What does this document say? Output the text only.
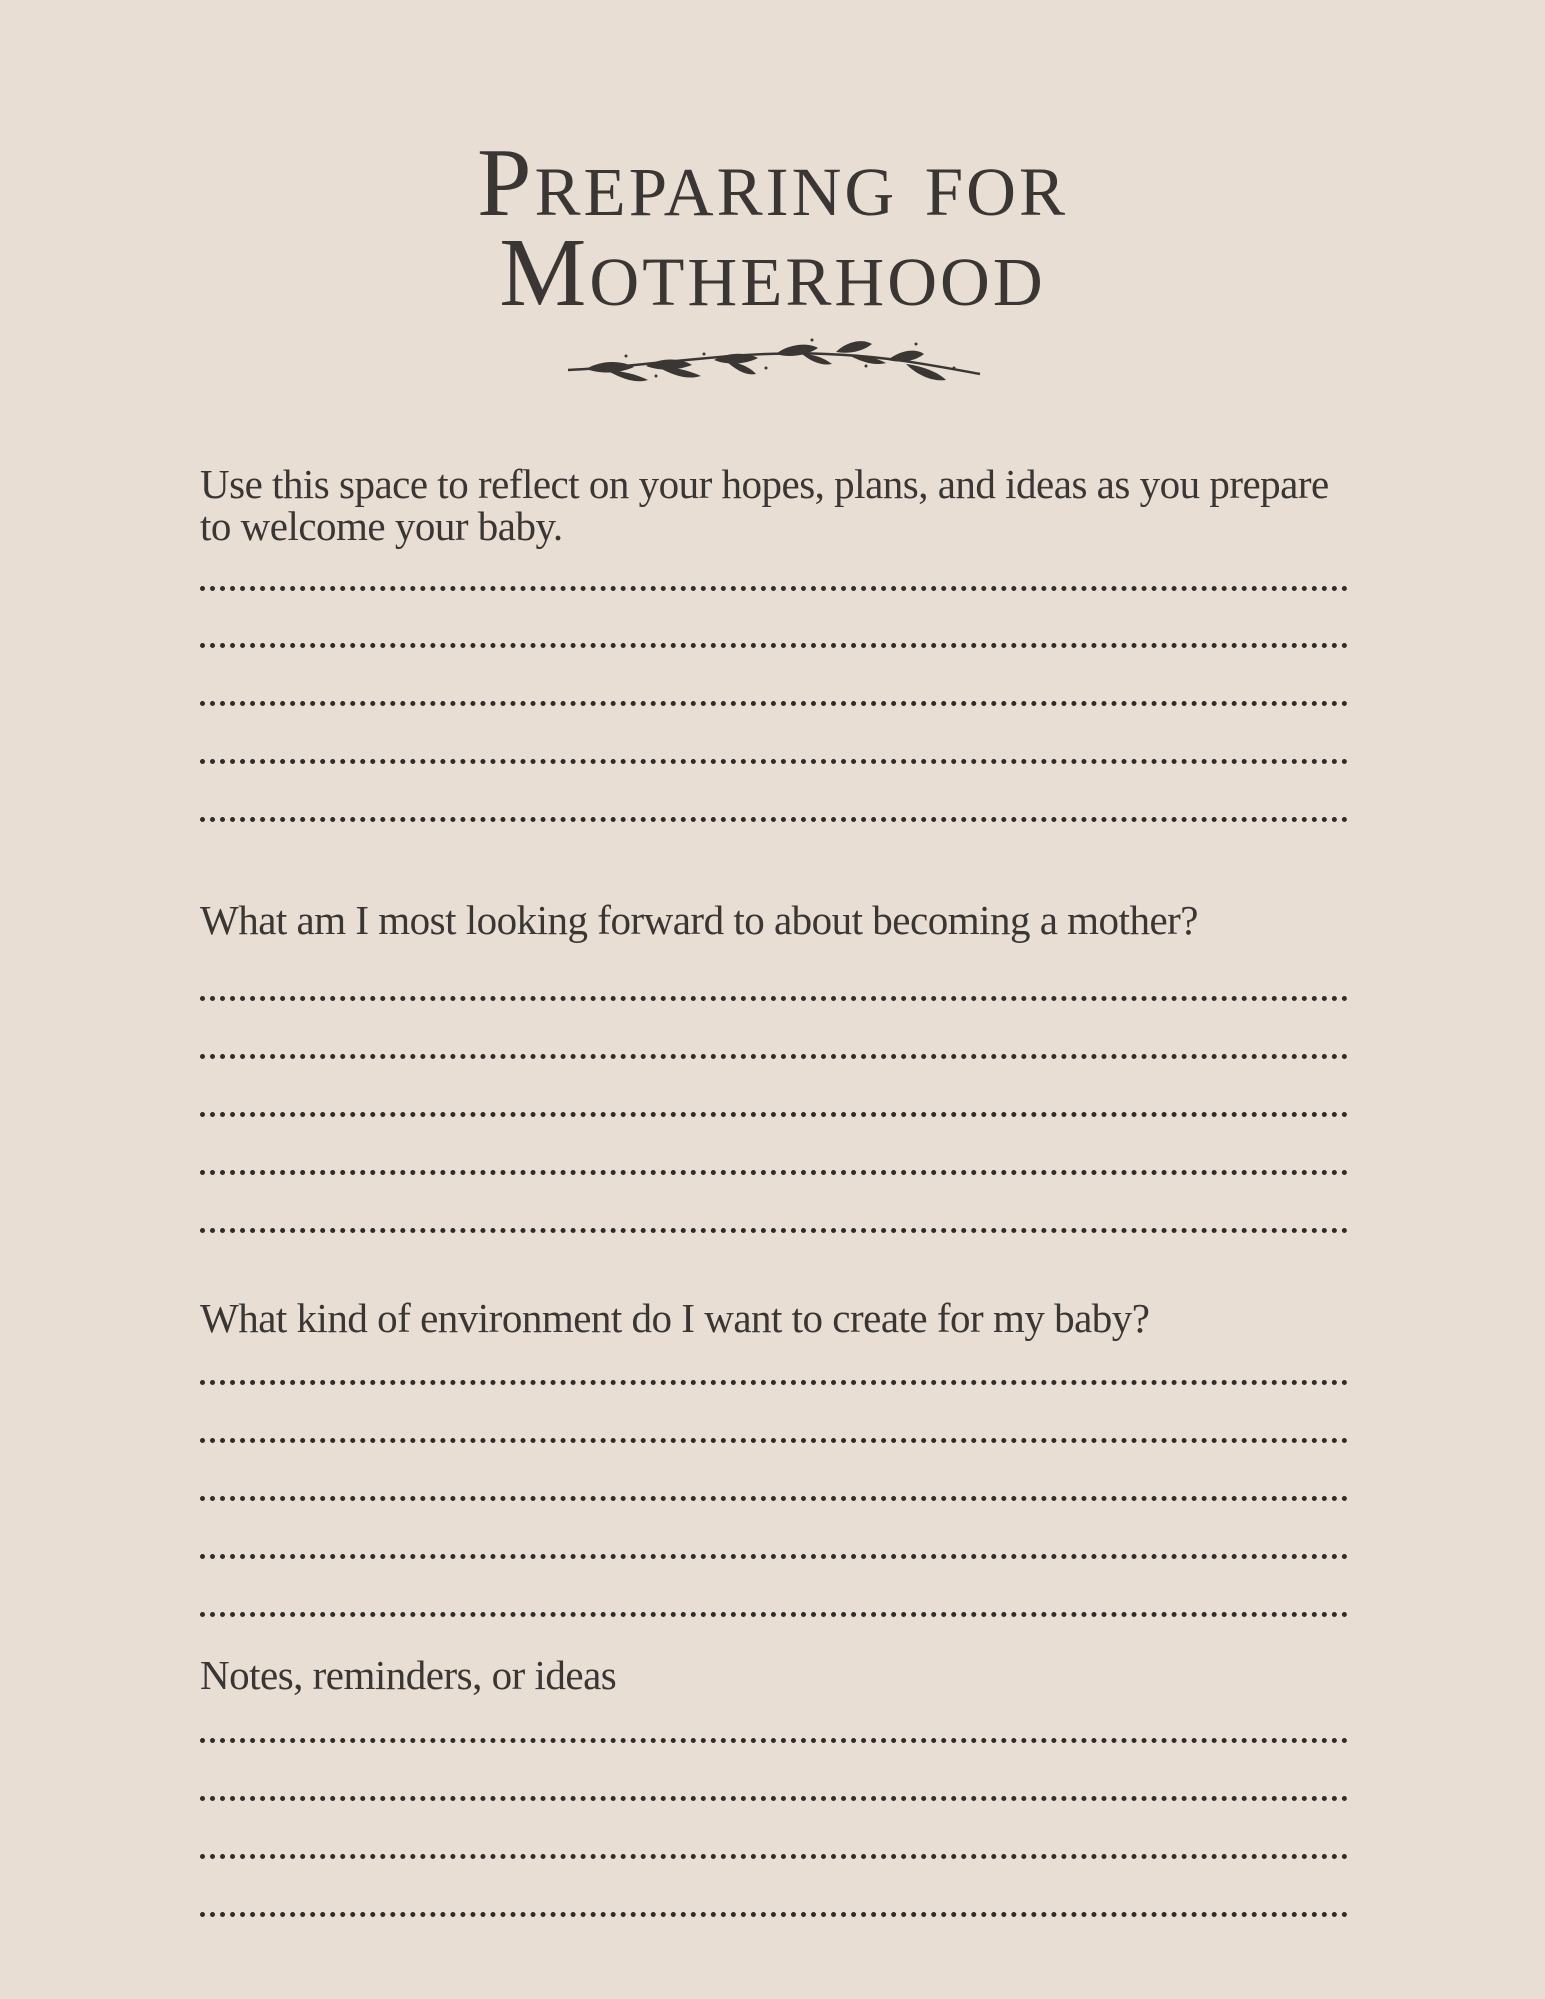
Preparing for
Motherhood

Use this space to reflect on your hopes, plans, and ideas as you prepare to welcome your baby.

What am I most looking forward to about becoming a mother?

What kind of environment do I want to create for my baby?

Notes, reminders, or ideas
